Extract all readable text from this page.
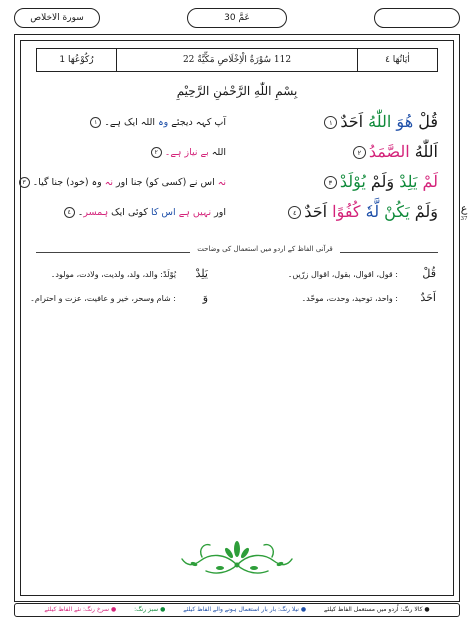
سورة الاخلاص	عَمَّ 30
اٰيَاتُهَا ٤
112 سُوْرَةُ الْاِخْلَاصِ مَكِّيَّةٌ 22
رُكُوْعُهَا 1
بِسْمِ اللّٰهِ الرَّحْمٰنِ الرَّحِيْمِ
قُلْ هُوَ اللّٰهُ اَحَدٌ١
آپ کہہ دیجئے وہ اللہ ایک ہے۔١
اَللّٰهُ الصَّمَدُ٢
اللہ بے نیاز ہے۔٢
لَمْ يَلِدْ وَلَمْ يُوْلَدْ٣
نہ اس نے (کسی کو) جنا اور نہ وہ (خود) جنا گیا۔٣
وَلَمْ يَكُنْ لَّهٗ كُفُوًا اَحَدٌ٤
اور نہیں ہے اس کا کوئی ایک ہمسر۔٤	ع
37
قرآنی الفاظ کے اردو میں استعمال کی وضاحت
قُلْ
: قول، اقوال، بقول، اقوال زرّیں۔
يَلِدْ
يُوْلَدْ: والد، ولد، ولدیت، ولادت، مولود۔
اَحَدٌ
: واحد، توحید، وحدت، موحّد۔
وَ
: شام وسحر، خیر و عافیت، عزت و احترام۔
● کالا رنگ: اُردو میں مستعمل الفاظ کیلئے ● نیلا رنگ: بار بار استعمال ہونے والے الفاظ کیلئے ● سبز رنگ: ● سرخ رنگ: نئے الفاظ کیلئے
